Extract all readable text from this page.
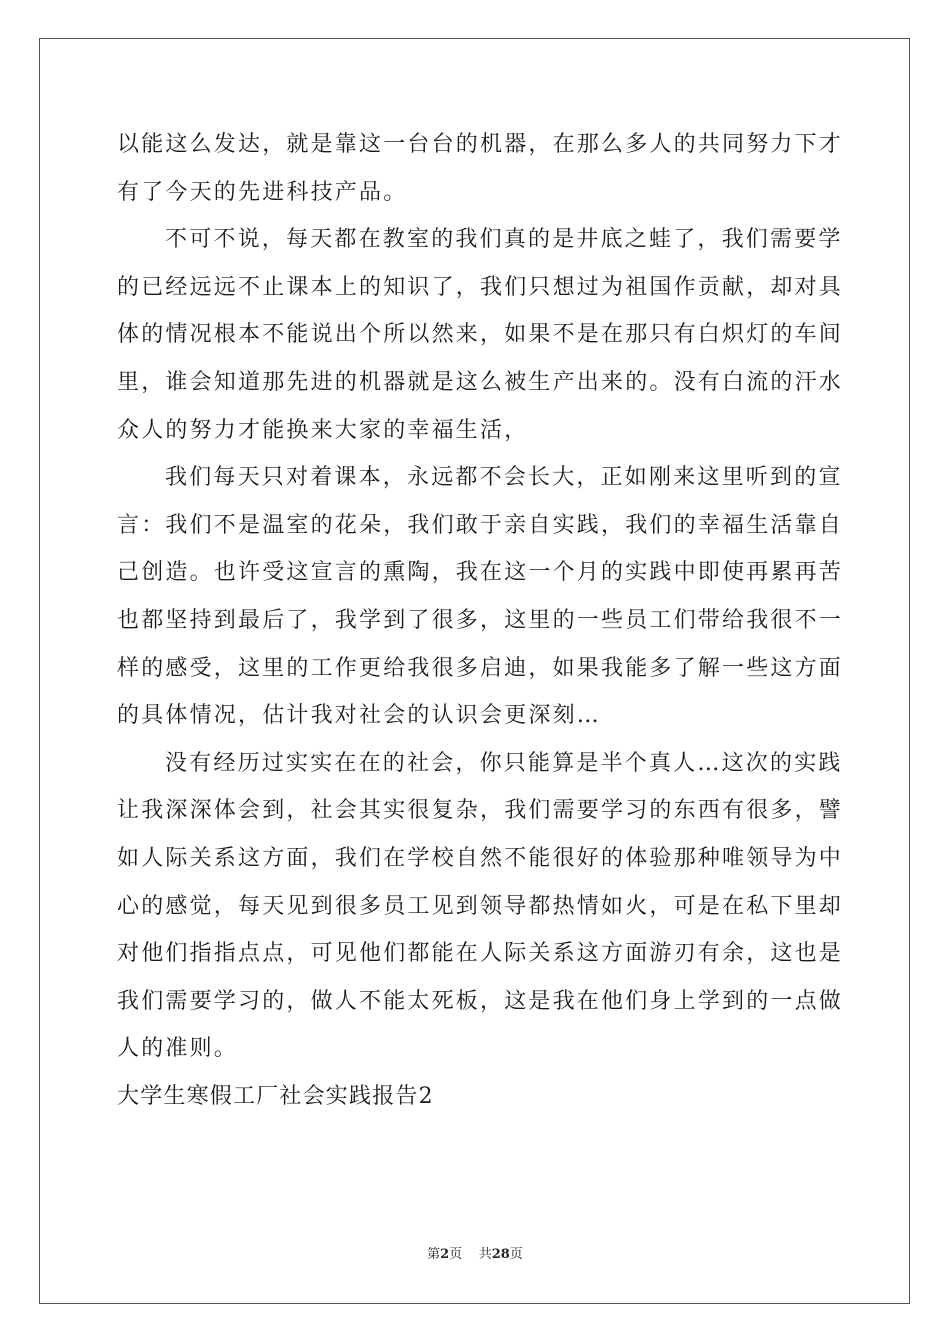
以能这么发达，就是靠这一台台的机器，在那么多人的共同努力下才
有了今天的先进科技产品。
不可不说，每天都在教室的我们真的是井底之蛙了，我们需要学
的已经远远不止课本上的知识了，我们只想过为祖国作贡献，却对具
体的情况根本不能说出个所以然来，如果不是在那只有白炽灯的车间
里，谁会知道那先进的机器就是这么被生产出来的。没有白流的汗水
众人的努力才能换来大家的幸福生活，
我们每天只对着课本，永远都不会长大，正如刚来这里听到的宣
言：我们不是温室的花朵，我们敢于亲自实践，我们的幸福生活靠自
己创造。也许受这宣言的熏陶，我在这一个月的实践中即使再累再苦
也都坚持到最后了，我学到了很多，这里的一些员工们带给我很不一
样的感受，这里的工作更给我很多启迪，如果我能多了解一些这方面
的具体情况，估计我对社会的认识会更深刻…
没有经历过实实在在的社会，你只能算是半个真人…这次的实践
让我深深体会到，社会其实很复杂，我们需要学习的东西有很多，譬
如人际关系这方面，我们在学校自然不能很好的体验那种唯领导为中
心的感觉，每天见到很多员工见到领导都热情如火，可是在私下里却
对他们指指点点，可见他们都能在人际关系这方面游刃有余，这也是
我们需要学习的，做人不能太死板，这是我在他们身上学到的一点做
人的准则。
大学生寒假工厂社会实践报告2
第2页 共28页
